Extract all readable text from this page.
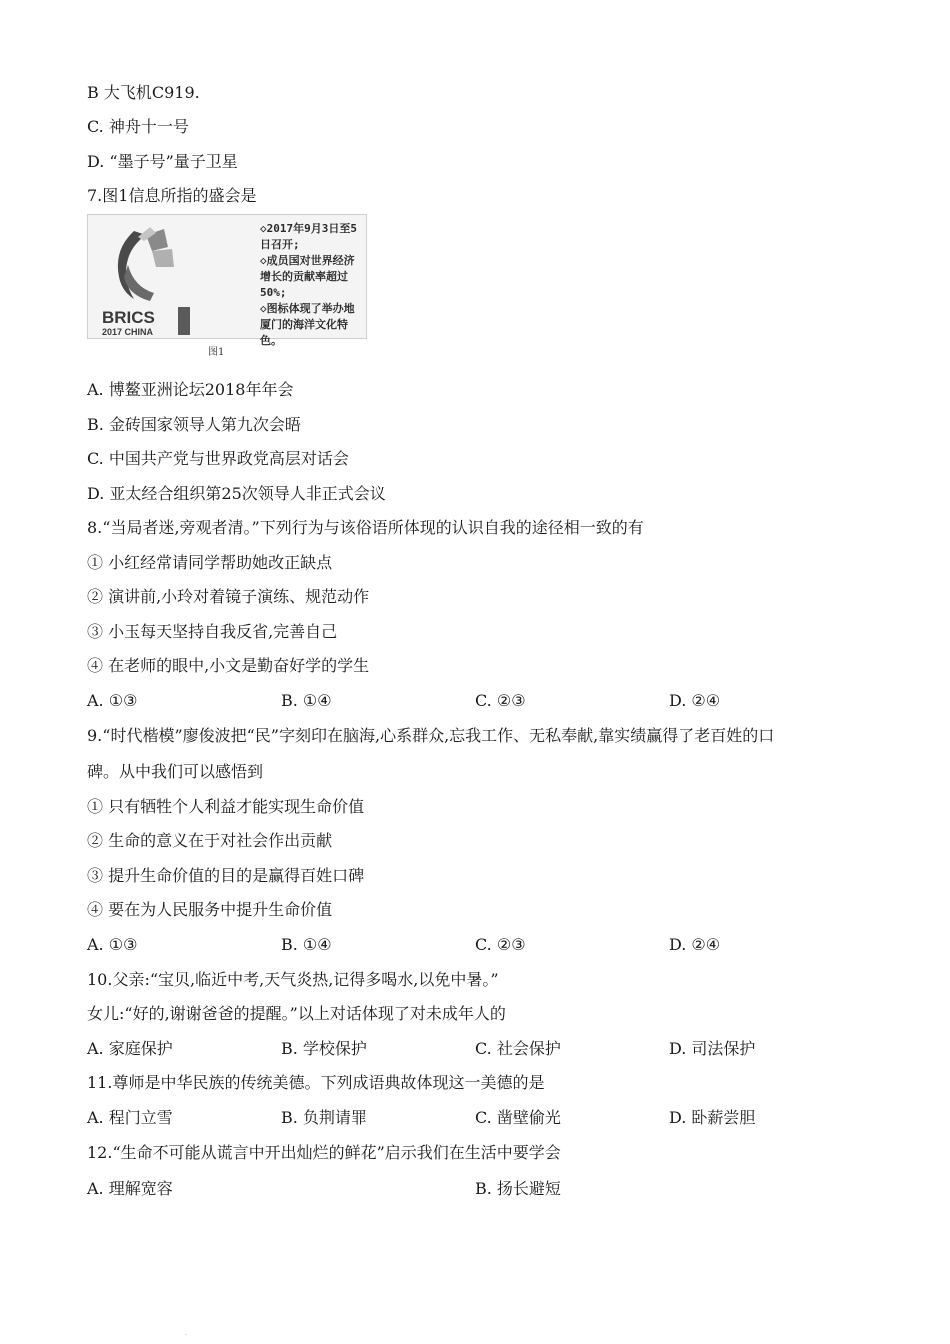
B 大飞机C919.
C. 神舟十一号
D. “墨子号”量子卫星
7.图1信息所指的盛会是
BRICS
2017 CHINA
◇2017年9月3日至5
日召开;
◇成员国对世界经济
增长的贡献率超过50%;
◇图标体现了举办地
厦门的海洋文化特色。
图1
A. 博鳌亚洲论坛2018年年会
B. 金砖国家领导人第九次会晤
C. 中国共产党与世界政党高层对话会
D. 亚太经合组织第25次领导人非正式会议
8.“当局者迷,旁观者清。”下列行为与该俗语所体现的认识自我的途径相一致的有
① 小红经常请同学帮助她改正缺点
② 演讲前,小玲对着镜子演练、规范动作
③ 小玉每天坚持自我反省,完善自己
④ 在老师的眼中,小文是勤奋好学的学生
A. ①③	B. ①④	C. ②③	D. ②④
9.“时代楷模”廖俊波把“民”字刻印在脑海,心系群众,忘我工作、无私奉献,靠实绩赢得了老百姓的口
碑。从中我们可以感悟到
① 只有牺牲个人利益才能实现生命价值
② 生命的意义在于对社会作出贡献
③ 提升生命价值的目的是赢得百姓口碑
④ 要在为人民服务中提升生命价值
A. ①③	B. ①④	C. ②③	D. ②④
10.父亲:“宝贝,临近中考,天气炎热,记得多喝水,以免中暑。”
女儿:“好的,谢谢爸爸的提醒。”以上对话体现了对未成年人的
A. 家庭保护	B. 学校保护	C. 社会保护	D. 司法保护
11.尊师是中华民族的传统美德。下列成语典故体现这一美德的是
A. 程门立雪	B. 负荆请罪	C. 凿壁偷光	D. 卧薪尝胆
12.“生命不可能从谎言中开出灿烂的鲜花”启示我们在生活中要学会
A. 理解宽容	B. 扬长避短
.
